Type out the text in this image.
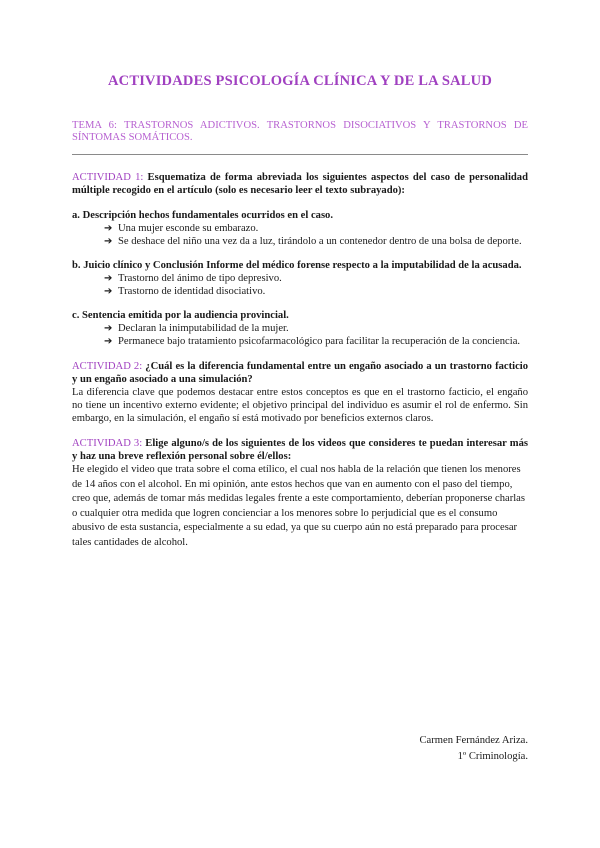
ACTIVIDADES PSICOLOGÍA CLÍNICA Y DE LA SALUD

TEMA 6: TRASTORNOS ADICTIVOS. TRASTORNOS DISOCIATIVOS Y TRASTORNOS DE SÍNTOMAS SOMÁTICOS.

ACTIVIDAD 1: Esquematiza de forma abreviada los siguientes aspectos del caso de personalidad múltiple recogido en el artículo (solo es necesario leer el texto subrayado):

a. Descripción hechos fundamentales ocurridos en el caso.

➔ Una mujer esconde su embarazo.
➔ Se deshace del niño una vez da a luz, tirándolo a un contenedor dentro de una bolsa de deporte.

b. Juicio clínico y Conclusión Informe del médico forense respecto a la imputabilidad de la acusada.

➔ Trastorno del ánimo de tipo depresivo.
➔ Trastorno de identidad disociativo.

c. Sentencia emitida por la audiencia provincial.

➔ Declaran la inimputabilidad de la mujer.
➔ Permanece bajo tratamiento psicofarmacológico para facilitar la recuperación de la conciencia.

ACTIVIDAD 2: ¿Cuál es la diferencia fundamental entre un engaño asociado a un trastorno facticio y un engaño asociado a una simulación?

La diferencia clave que podemos destacar entre estos conceptos es que en el trastorno facticio, el engaño no tiene un incentivo externo evidente; el objetivo principal del individuo es asumir el rol de enfermo. Sin embargo, en la simulación, el engaño sí está motivado por beneficios externos claros.

ACTIVIDAD 3: Elige alguno/s de los siguientes de los videos que consideres te puedan interesar más y haz una breve reflexión personal sobre él/ellos:

He elegido el video que trata sobre el coma etílico, el cual nos habla de la relación que tienen los menores de 14 años con el alcohol. En mi opinión, ante estos hechos que van en aumento con el paso del tiempo, creo que, además de tomar más medidas legales frente a este comportamiento, deberían proponerse charlas o cualquier otra medida que logren concienciar a los menores sobre lo perjudicial que es el consumo abusivo de esta sustancia, especialmente a su edad, ya que su cuerpo aún no está preparado para procesar tales cantidades de alcohol.

Carmen Fernández Ariza.
1º Criminología.
